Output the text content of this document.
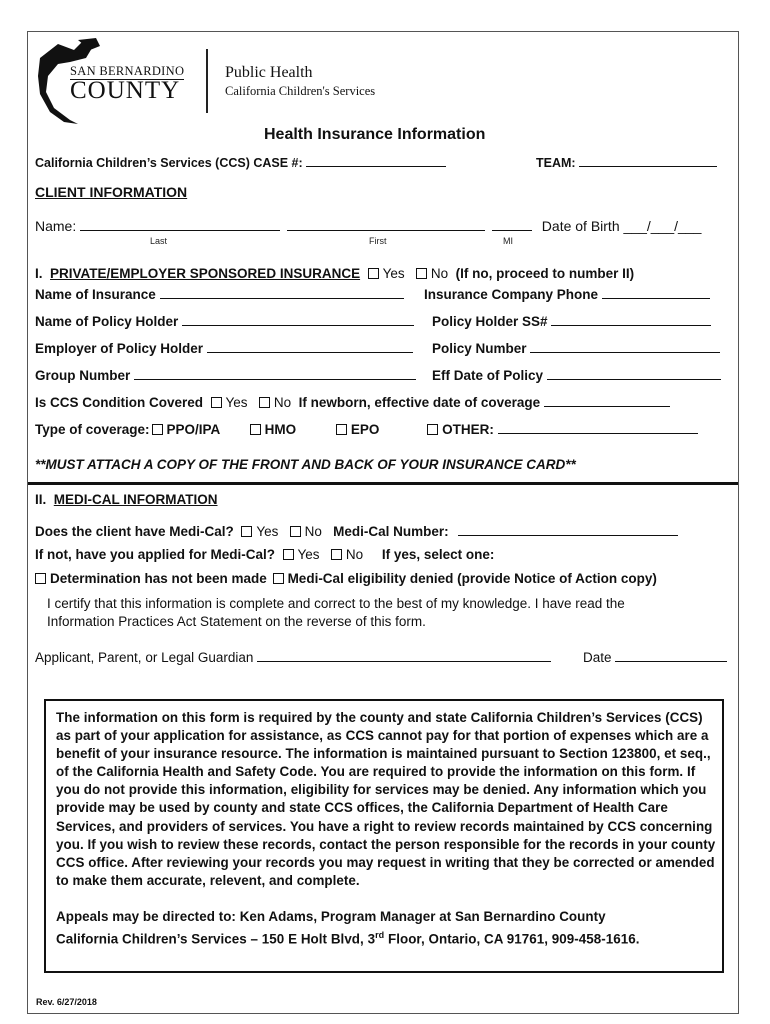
SAN BERNARDINO
COUNTY
Public Health
California Children's Services
Health Insurance Information
California Children’s Services (CCS) CASE #:	TEAM:
CLIENT INFORMATION
Name:	Date of Birth ___/___/___
Last	First	MI
I. PRIVATE/EMPLOYER SPONSORED INSURANCE Yes No (If no, proceed to number II)
Name of Insurance	Insurance Company Phone
Name of Policy Holder	Policy Holder SS#
Employer of Policy Holder	Policy Number
Group Number	Eff Date of Policy
Is CCS Condition Covered Yes No If newborn, effective date of coverage
Type of coverage: PPO/IPA	HMO	EPO	OTHER:
**MUST ATTACH A COPY OF THE FRONT AND BACK OF YOUR INSURANCE CARD**
II. MEDI-CAL INFORMATION
Does the client have Medi-Cal? Yes No Medi-Cal Number:
If not, have you applied for Medi-Cal? Yes No If yes, select one:
Determination has not been made Medi-Cal eligibility denied (provide Notice of Action copy)
I certify that this information is complete and correct to the best of my knowledge. I have read the
Information Practices Act Statement on the reverse of this form.
Applicant, Parent, or Legal Guardian	Date
The information on this form is required by the county and state California Children’s Services (CCS) as part of your application for assistance, as CCS cannot pay for that portion of expenses which are a benefit of your insurance resource. The information is maintained pursuant to Section 123800, et seq., of the California Health and Safety Code. You are required to provide the information on this form. If you do not provide this information, eligibility for services may be denied. Any information which you provide may be used by county and state CCS offices, the California Department of Health Care Services, and providers of services. You have a right to review records maintained by CCS concerning you. If you wish to review these records, contact the person responsible for the records in your county CCS office. After reviewing your records you may request in writing that they be corrected or amended to make them accurate, relevent, and complete.
Appeals may be directed to: Ken Adams, Program Manager at San Bernardino County
California Children’s Services – 150 E Holt Blvd, 3rd Floor, Ontario, CA 91761, 909-458-1616.
Rev. 6/27/2018
